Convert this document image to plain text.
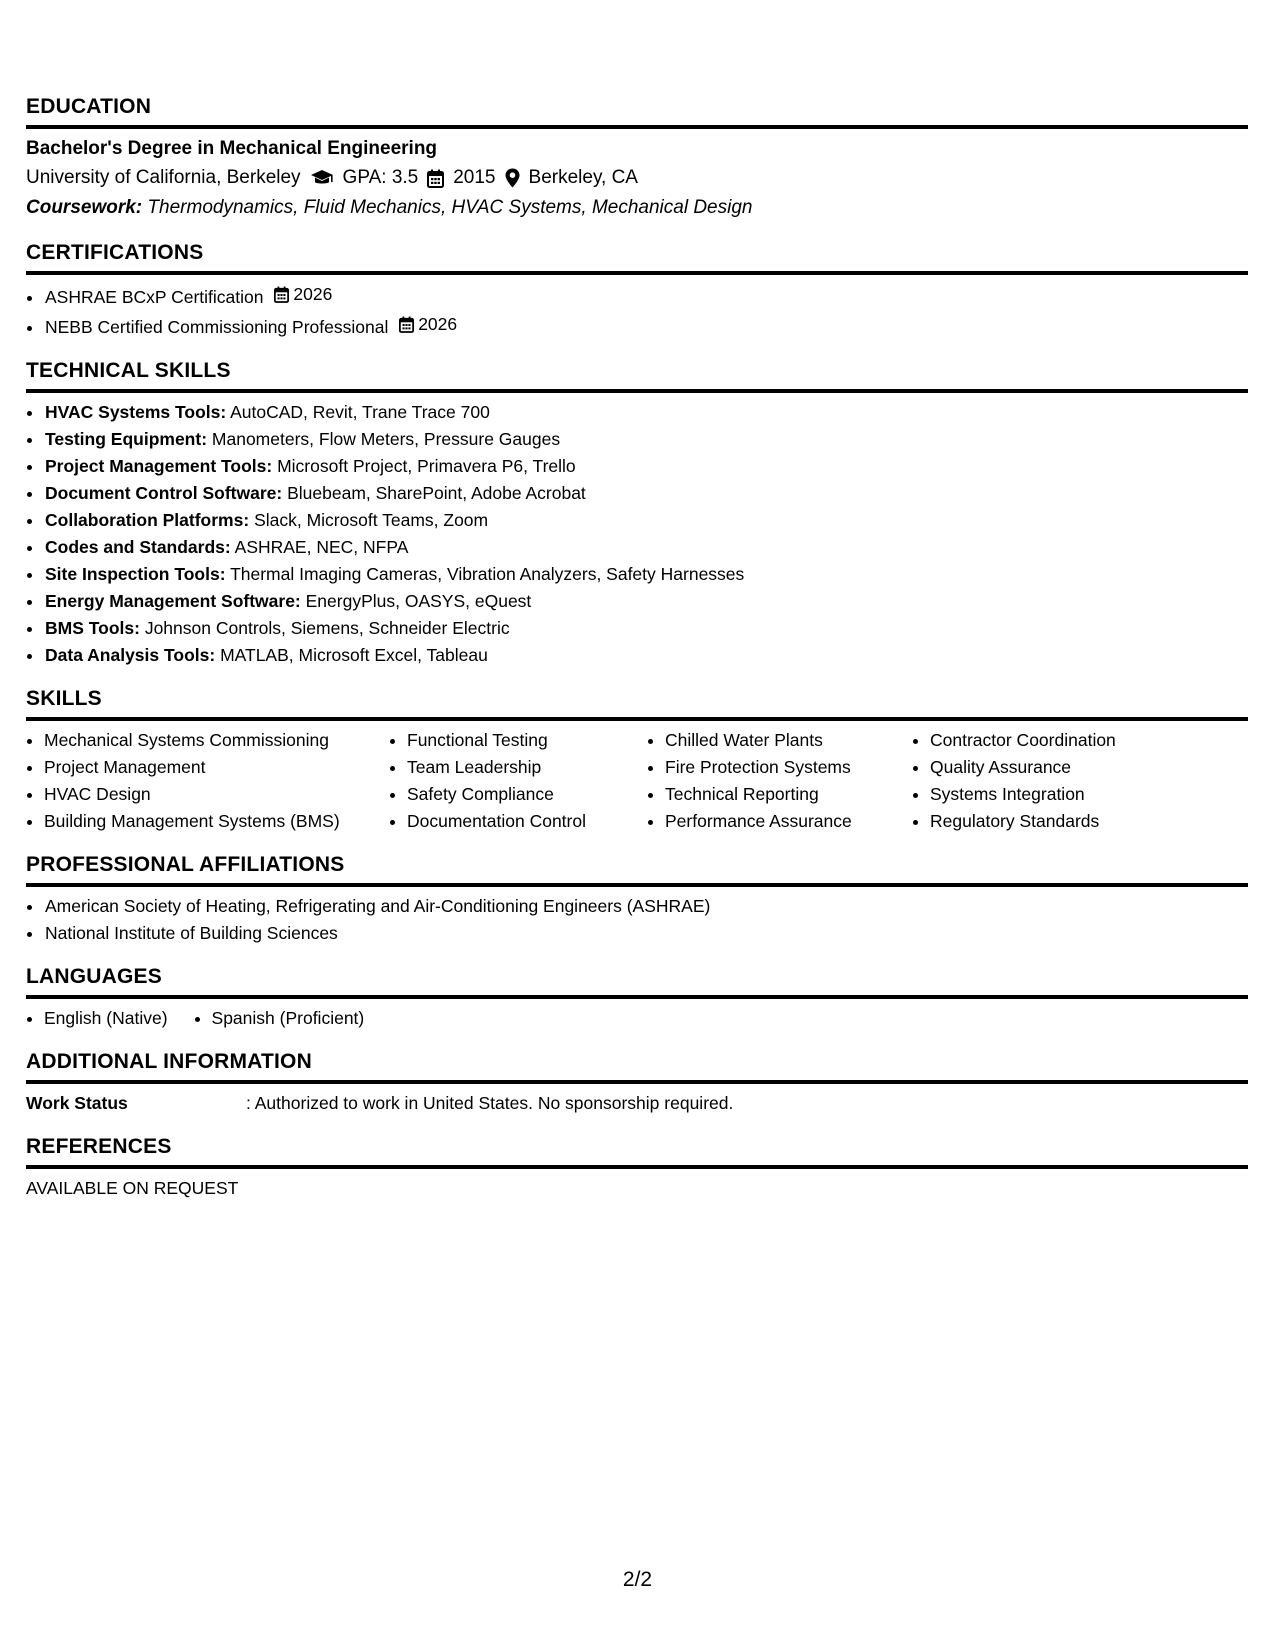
EDUCATION
Bachelor's Degree in Mechanical Engineering
University of California, Berkeley GPA: 3.5 2015 Berkeley, CA
Coursework: Thermodynamics, Fluid Mechanics, HVAC Systems, Mechanical Design
CERTIFICATIONS
• ASHRAE BCxP Certification 2026
• NEBB Certified Commissioning Professional 2026
TECHNICAL SKILLS
• HVAC Systems Tools: AutoCAD, Revit, Trane Trace 700
• Testing Equipment: Manometers, Flow Meters, Pressure Gauges
• Project Management Tools: Microsoft Project, Primavera P6, Trello
• Document Control Software: Bluebeam, SharePoint, Adobe Acrobat
• Collaboration Platforms: Slack, Microsoft Teams, Zoom
• Codes and Standards: ASHRAE, NEC, NFPA
• Site Inspection Tools: Thermal Imaging Cameras, Vibration Analyzers, Safety Harnesses
• Energy Management Software: EnergyPlus, OASYS, eQuest
• BMS Tools: Johnson Controls, Siemens, Schneider Electric
• Data Analysis Tools: MATLAB, Microsoft Excel, Tableau
SKILLS
• Mechanical Systems Commissioning
• Project Management
• HVAC Design
• Building Management Systems (BMS)
• Functional Testing
• Team Leadership
• Safety Compliance
• Documentation Control
• Chilled Water Plants
• Fire Protection Systems
• Technical Reporting
• Performance Assurance
• Contractor Coordination
• Quality Assurance
• Systems Integration
• Regulatory Standards
PROFESSIONAL AFFILIATIONS
• American Society of Heating, Refrigerating and Air-Conditioning Engineers (ASHRAE)
• National Institute of Building Sciences
LANGUAGES
• English (Native)
•	Spanish (Proficient)
ADDITIONAL INFORMATION
Work Status	: Authorized to work in United States. No sponsorship required.
REFERENCES
AVAILABLE ON REQUEST
2/2
